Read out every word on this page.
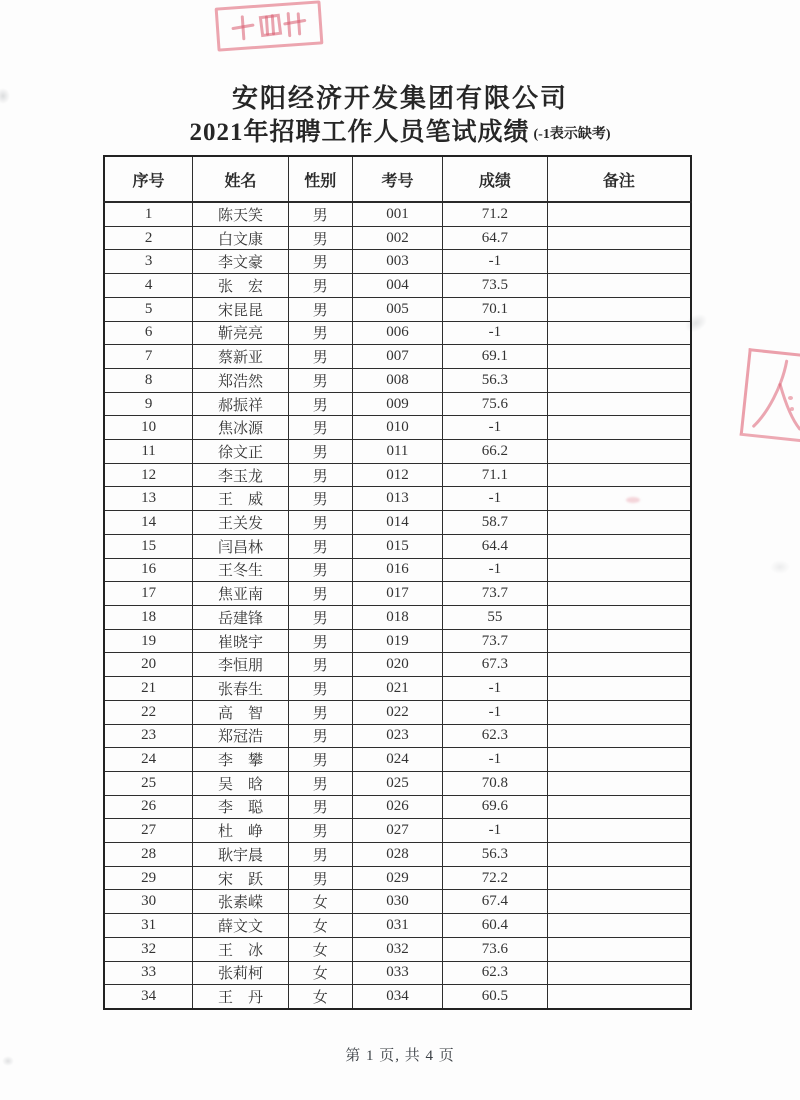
安阳经济开发集团有限公司
2021年招聘工作人员笔试成绩 (-1表示缺考)
序号	姓名	性别	考号	成绩	备注
1	陈天笑	男	001	71.2	
2	白文康	男	002	64.7	
3	李文豪	男	003	-1	
4	张　宏	男	004	73.5	
5	宋昆昆	男	005	70.1	
6	靳亮亮	男	006	-1	
7	蔡新亚	男	007	69.1	
8	郑浩然	男	008	56.3	
9	郝振祥	男	009	75.6	
10	焦冰源	男	010	-1	
11	徐文正	男	011	66.2	
12	李玉龙	男	012	71.1	
13	王　威	男	013	-1	
14	王关发	男	014	58.7	
15	闫昌林	男	015	64.4	
16	王冬生	男	016	-1	
17	焦亚南	男	017	73.7	
18	岳建锋	男	018	55	
19	崔晓宇	男	019	73.7	
20	李恒朋	男	020	67.3	
21	张春生	男	021	-1	
22	高　智	男	022	-1	
23	郑冠浩	男	023	62.3	
24	李　攀	男	024	-1	
25	吴　晗	男	025	70.8	
26	李　聪	男	026	69.6	
27	杜　峥	男	027	-1	
28	耿宇晨	男	028	56.3	
29	宋　跃	男	029	72.2	
30	张素嵘	女	030	67.4	
31	薛文文	女	031	60.4	
32	王　冰	女	032	73.6	
33	张莉柯	女	033	62.3	
34	王　丹	女	034	60.5	
第 1 页, 共 4 页
